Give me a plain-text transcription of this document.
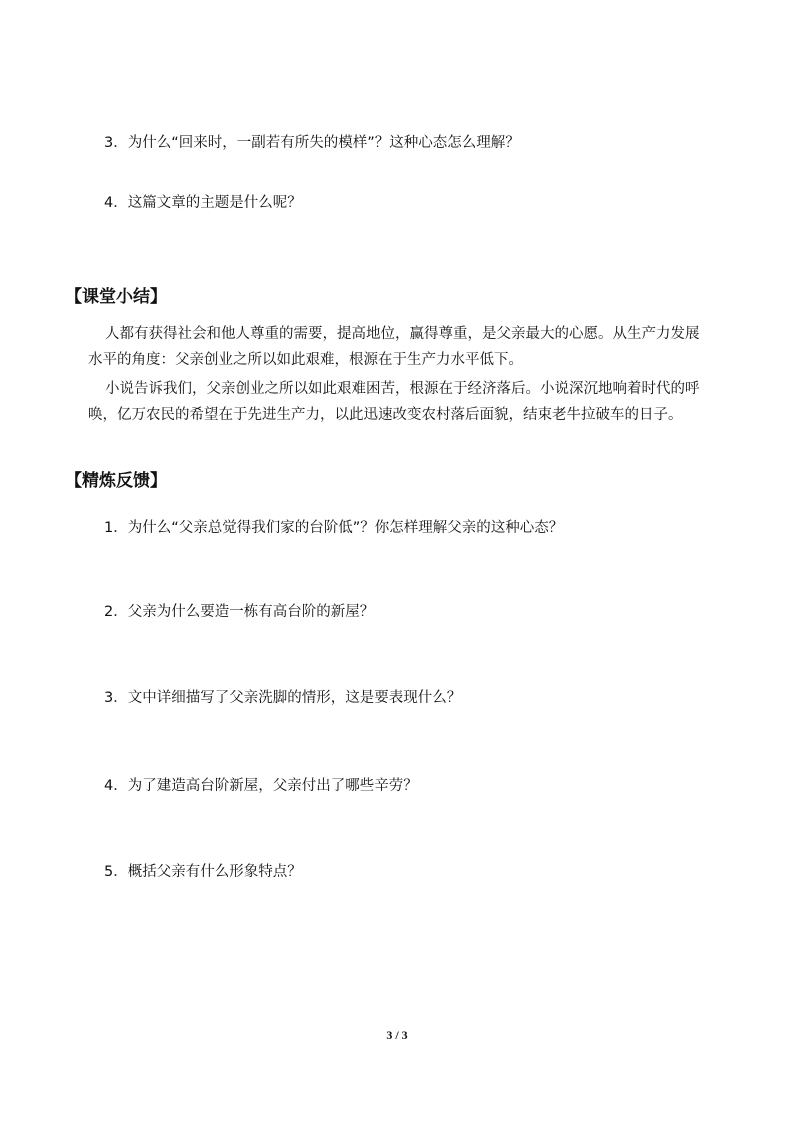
3．为什么“回来时，一副若有所失的模样”？这种心态怎么理解？
4．这篇文章的主题是什么呢？
【课堂小结】

人都有获得社会和他人尊重的需要，提高地位，赢得尊重，是父亲最大的心愿。从生产力发展水平的角度：父亲创业之所以如此艰难，根源在于生产力水平低下。

小说告诉我们，父亲创业之所以如此艰难困苦，根源在于经济落后。小说深沉地响着时代的呼唤，亿万农民的希望在于先进生产力，以此迅速改变农村落后面貌，结束老牛拉破车的日子。

【精炼反馈】
1．为什么“父亲总觉得我们家的台阶低”？你怎样理解父亲的这种心态？
2．父亲为什么要造一栋有高台阶的新屋？
3．文中详细描写了父亲洗脚的情形，这是要表现什么？
4．为了建造高台阶新屋，父亲付出了哪些辛劳？
5．概括父亲有什么形象特点？
3 / 3
